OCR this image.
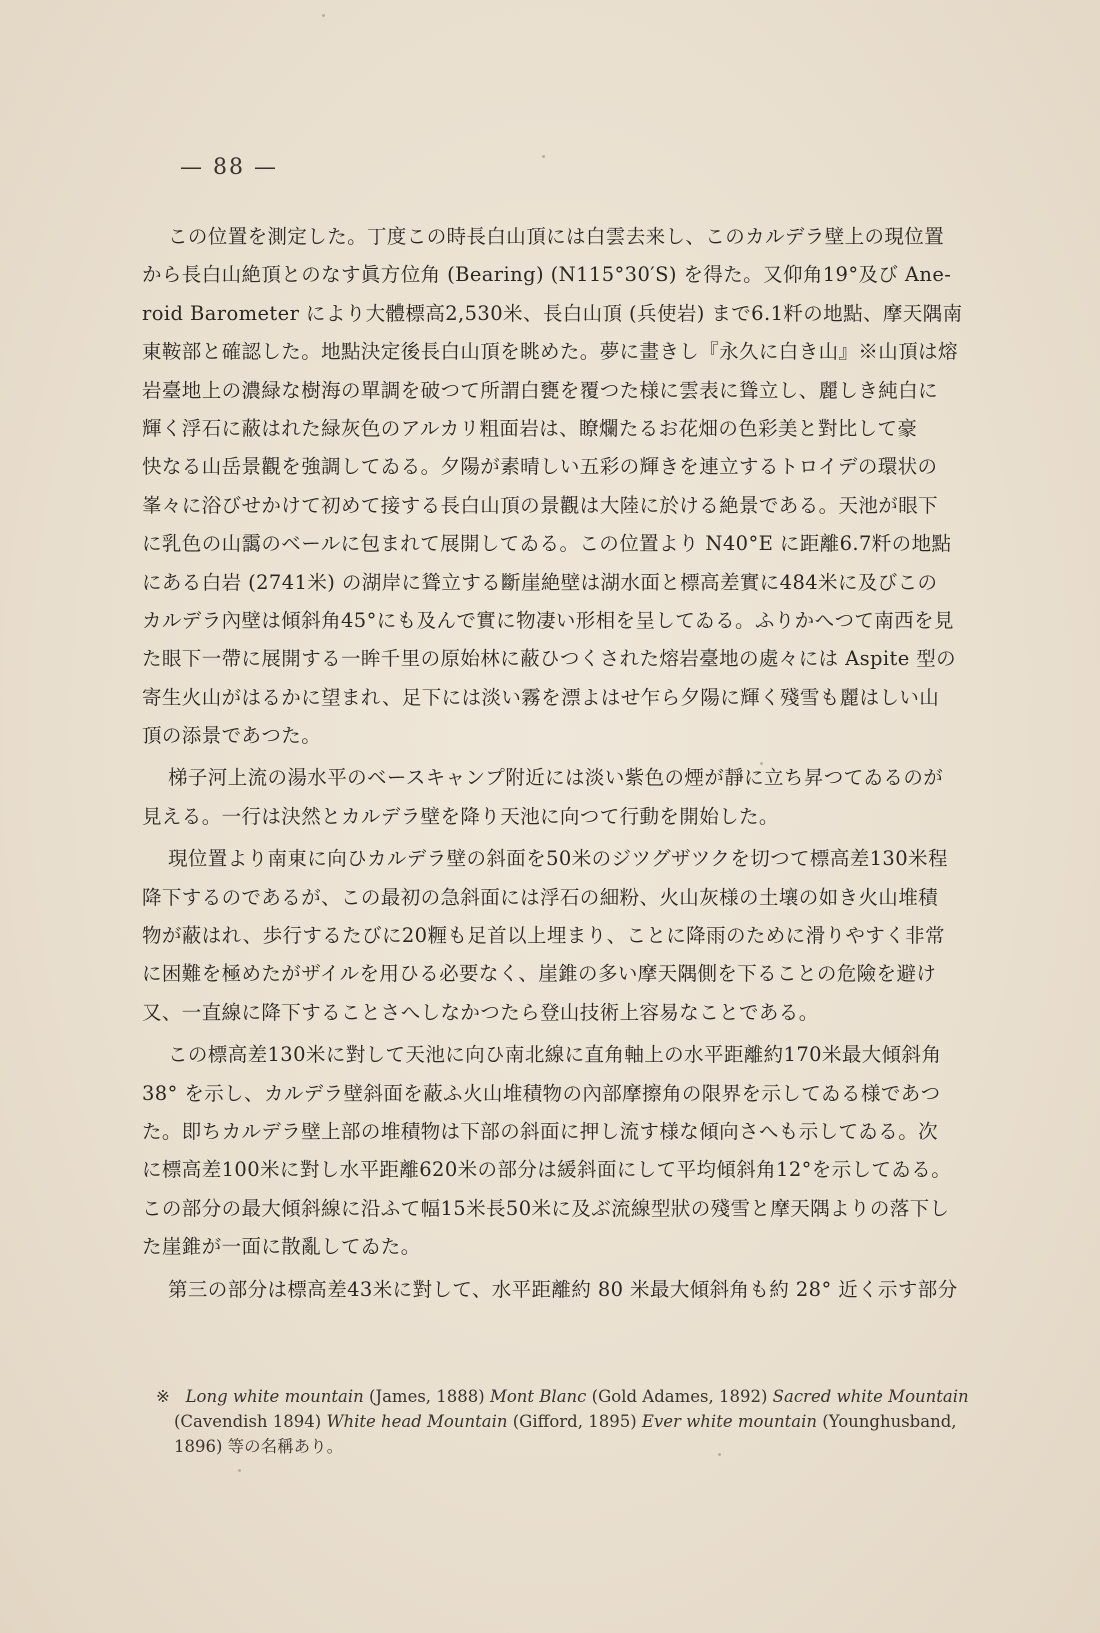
— 88 —
この位置を測定した。丁度この時長白山頂には白雲去来し、このカルデラ壁上の現位置
から長白山絶頂とのなす眞方位角 (Bearing) (N115°30′S) を得た。又仰角19°及び Ane-
roid Barometer により大體標高2,530米、長白山頂 (兵使岩) まで6.1粁の地點、摩天隅南
東鞍部と確認した。地點決定後長白山頂を眺めた。夢に畫きし『永久に白き山』※山頂は熔
岩臺地上の濃緑な樹海の單調を破つて所謂白甕を覆つた様に雲表に聳立し、麗しき純白に
輝く浮石に蔽はれた緑灰色のアルカリ粗面岩は、瞭爛たるお花畑の色彩美と對比して豪
快なる山岳景觀を強調してゐる。夕陽が素晴しい五彩の輝きを連立するトロイデの環状の
峯々に浴びせかけて初めて接する長白山頂の景觀は大陸に於ける絶景である。天池が眼下
に乳色の山靄のベールに包まれて展開してゐる。この位置より N40°E に距離6.7粁の地點
にある白岩 (2741米) の湖岸に聳立する斷崖絶壁は湖水面と標高差實に484米に及びこの
カルデラ內壁は傾斜角45°にも及んで實に物凄い形相を呈してゐる。ふりかへつて南西を見
た眼下一帶に展開する一眸千里の原始林に蔽ひつくされた熔岩臺地の處々には Aspite 型の
寄生火山がはるかに望まれ、足下には淡い霧を漂よはせ乍ら夕陽に輝く殘雪も麗はしい山
頂の添景であつた。
梯子河上流の湯水平のベースキャンプ附近には淡い紫色の煙が靜に立ち昇つてゐるのが
見える。一行は決然とカルデラ壁を降り天池に向つて行動を開始した。
現位置より南東に向ひカルデラ壁の斜面を50米のジツグザツクを切つて標高差130米程
降下するのであるが、この最初の急斜面には浮石の細粉、火山灰様の土壤の如き火山堆積
物が蔽はれ、歩行するたびに20糎も足首以上埋まり、ことに降雨のために滑りやすく非常
に困難を極めたがザイルを用ひる必要なく、崖錐の多い摩天隅側を下ることの危險を避け
又、一直線に降下することさへしなかつたら登山技術上容易なことである。
この標高差130米に對して天池に向ひ南北線に直角軸上の水平距離約170米最大傾斜角
38° を示し、カルデラ壁斜面を蔽ふ火山堆積物の內部摩擦角の限界を示してゐる様であつ
た。即ちカルデラ壁上部の堆積物は下部の斜面に押し流す様な傾向さへも示してゐる。次
に標高差100米に對し水平距離620米の部分は緩斜面にして平均傾斜角12°を示してゐる。
この部分の最大傾斜線に沿ふて幅15米長50米に及ぶ流線型狀の殘雪と摩天隅よりの落下し
た崖錐が一面に散亂してゐた。
第三の部分は標高差43米に對して、水平距離約 80 米最大傾斜角も約 28° 近く示す部分
※ Long white mountain (James, 1888) Mont Blanc (Gold Adames, 1892) Sacred white Mountain
(Cavendish 1894) White head Mountain (Gifford, 1895) Ever white mountain (Younghusband,
1896) 等の名稱あり。
